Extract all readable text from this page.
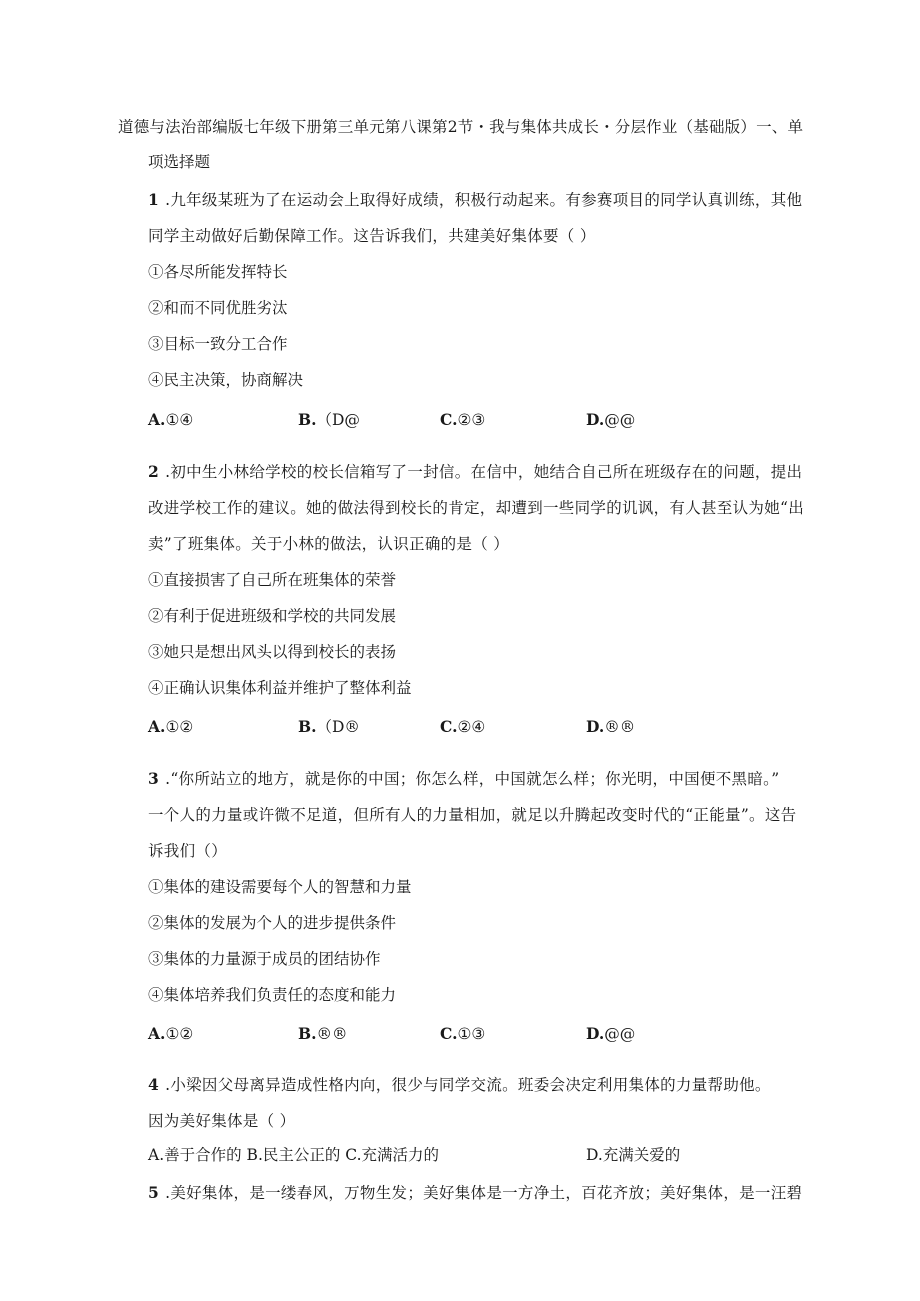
道德与法治部编版七年级下册第三单元第八课第2节・我与集体共成长・分层作业（基础版）一、单
项选择题
1 .九年级某班为了在运动会上取得好成绩，积极行动起来。有参赛项目的同学认真训练，其他
同学主动做好后勤保障工作。这告诉我们，共建美好集体要（ ）
①各尽所能发挥特长
②和而不同优胜劣汰
③目标一致分工合作
④民主决策，协商解决
A.①④	B.（D@	C.②③	D.@@
2 .初中生小林给学校的校长信箱写了一封信。在信中，她结合自己所在班级存在的问题，提出
改进学校工作的建议。她的做法得到校长的肯定，却遭到一些同学的讥讽，有人甚至认为她“出
卖”了班集体。关于小林的做法，认识正确的是（ ）
①直接损害了自己所在班集体的荣誉
②有利于促进班级和学校的共同发展
③她只是想出风头以得到校长的表扬
④正确认识集体利益并维护了整体利益
A.①②	B.（D®	C.②④	D.®®
3 .“你所站立的地方，就是你的中国；你怎么样，中国就怎么样；你光明，中国便不黑暗。”
一个人的力量或许微不足道，但所有人的力量相加，就足以升腾起改变时代的“正能量”。这告
诉我们（）
①集体的建设需要每个人的智慧和力量
②集体的发展为个人的进步提供条件
③集体的力量源于成员的团结协作
④集体培养我们负责任的态度和能力
A.①②	B.®®	C.①③	D.@@
4 .小梁因父母离异造成性格内向，很少与同学交流。班委会决定利用集体的力量帮助他。
因为美好集体是（ ）
A.善于合作的 B.民主公正的 C.充满活力的	D.充满关爱的
5 .美好集体，是一缕春风，万物生发；美好集体是一方净土，百花齐放；美好集体，是一汪碧
